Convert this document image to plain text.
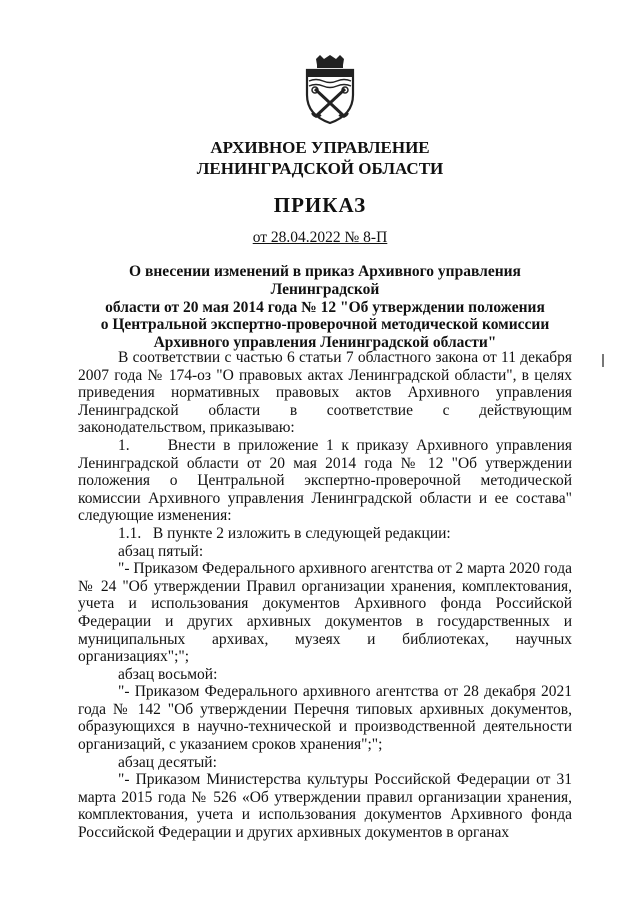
АРХИВНОЕ УПРАВЛЕНИЕ
ЛЕНИНГРАДСКОЙ ОБЛАСТИ
ПРИКАЗ
от 28.04.2022 № 8-П
О внесении изменений в приказ Архивного управления Ленинградской
области от 20 мая 2014 года № 12 "Об утверждении положения
о Центральной экспертно-проверочной методической комиссии
Архивного управления Ленинградской области"

В соответствии с частью 6 статьи 7 областного закона от 11 декабря 2007 года № 174-оз "О правовых актах Ленинградской области", в целях приведения нормативных правовых актов Архивного управления Ленинградской области в соответствие с действующим законодательством, приказываю:

1.     Внести в приложение 1 к приказу Архивного управления Ленинградской области от 20 мая 2014 года № 12 "Об утверждении положения о Центральной экспертно-проверочной методической комиссии Архивного управления Ленинградской области и ее состава" следующие изменения:

1.1.   В пункте 2 изложить в следующей редакции:

абзац пятый:

"- Приказом Федерального архивного агентства от 2 марта 2020 года № 24 "Об утверждении Правил организации хранения, комплектования, учета и использования документов Архивного фонда Российской Федерации и других архивных документов в государственных и муниципальных архивах, музеях и библиотеках, научных организациях";";

абзац восьмой:

"- Приказом Федерального архивного агентства от 28 декабря 2021 года № 142 "Об утверждении Перечня типовых архивных документов, образующихся в научно-технической и производственной деятельности организаций, с указанием сроков хранения";";

абзац десятый:

"- Приказом Министерства культуры Российской Федерации от 31 марта 2015 года № 526 «Об утверждении правил организации хранения, комплектования, учета и использования документов Архивного фонда Российской Федерации и других архивных документов в органах
